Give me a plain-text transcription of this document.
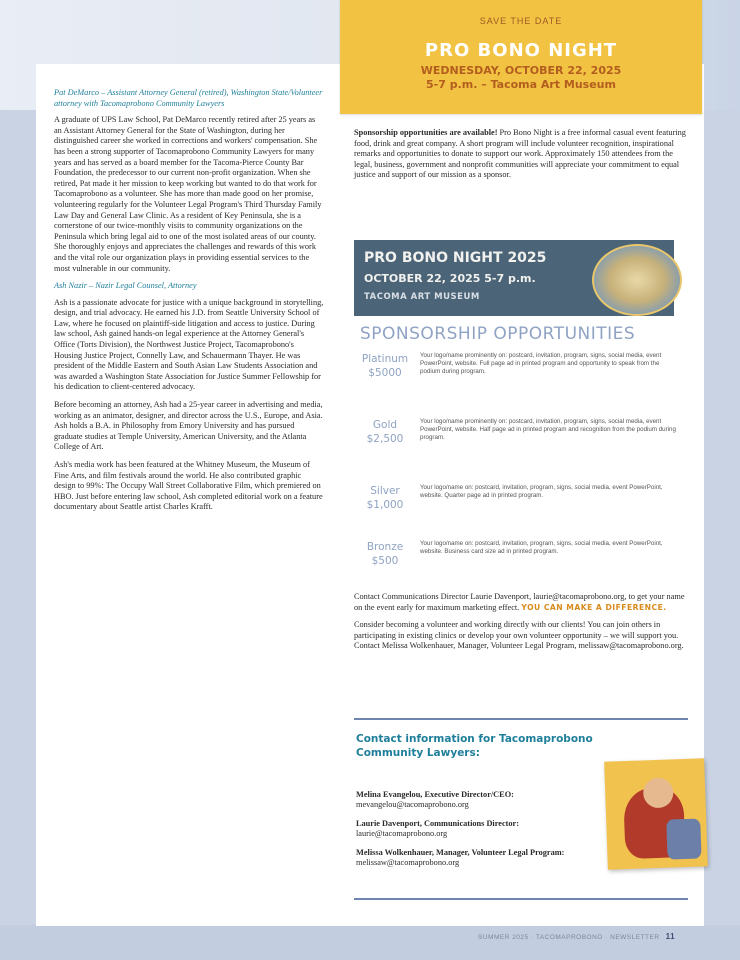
SAVE THE DATE
PRO BONO NIGHT
WEDNESDAY, OCTOBER 22, 2025
5-7 p.m. – Tacoma Art Museum
Pat DeMarco – Assistant Attorney General (retired), Washington State/Volunteer attorney with Tacomaprobono Community Lawyers

A graduate of UPS Law School, Pat DeMarco recently retired after 25 years as an Assistant Attorney General for the State of Washington, during her distinguished career she worked in corrections and workers' compensation. She has been a strong supporter of Tacomaprobono Community Lawyers for many years and has served as a board member for the Tacoma-Pierce County Bar Foundation, the predecessor to our current non-profit organization. When she retired, Pat made it her mission to keep working but wanted to do that work for Tacomaprobono as a volunteer. She has more than made good on her promise, volunteering regularly for the Volunteer Legal Program's Third Thursday Family Law Day and General Law Clinic. As a resident of Key Peninsula, she is a cornerstone of our twice-monthly visits to community organizations on the Peninsula which bring legal aid to one of the most isolated areas of our county. She thoroughly enjoys and appreciates the challenges and rewards of this work and the vital role our organization plays in providing essential services to the most vulnerable in our community.

Ash Nazir – Nazir Legal Counsel, Attorney

Ash is a passionate advocate for justice with a unique background in storytelling, design, and trial advocacy. He earned his J.D. from Seattle University School of Law, where he focused on plaintiff-side litigation and access to justice. During law school, Ash gained hands-on legal experience at the Attorney General's Office (Torts Division), the Northwest Justice Project, Tacomaprobono's Housing Justice Project, Connelly Law, and Schauermann Thayer. He was president of the Middle Eastern and South Asian Law Students Association and was awarded a Washington State Association for Justice Summer Fellowship for his dedication to client-centered advocacy.

Before becoming an attorney, Ash had a 25-year career in advertising and media, working as an animator, designer, and director across the U.S., Europe, and Asia. Ash holds a B.A. in Philosophy from Emory University and has pursued graduate studies at Temple University, American University, and the Atlanta College of Art.

Ash's media work has been featured at the Whitney Museum, the Museum of Fine Arts, and film festivals around the world. He also contributed graphic design to 99%: The Occupy Wall Street Collaborative Film, which premiered on HBO. Just before entering law school, Ash completed editorial work on a feature documentary about Seattle artist Charles Krafft.

Sponsorship opportunities are available! Pro Bono Night is a free informal casual event featuring food, drink and great company. A short program will include volunteer recognition, inspirational remarks and opportunities to donate to support our work. Approximately 150 attendees from the legal, business, government and nonprofit communities will appreciate your commitment to equal justice and support of our mission as a sponsor.

PRO BONO NIGHT 2025
OCTOBER 22, 2025 5-7 p.m.
TACOMA ART MUSEUM
SPONSORSHIP OPPORTUNITIES
Platinum
$5000
Your logo/name prominently on: postcard, invitation, program, signs, social media, event PowerPoint, website. Full page ad in printed program and opportunity to speak from the podium during program.
Gold
$2,500
Your logo/name prominently on: postcard, invitation, program, signs, social media, event PowerPoint, website. Half page ad in printed program and recognition from the podium during program.
Silver
$1,000
Your logo/name on: postcard, invitation, program, signs, social media, event PowerPoint, website. Quarter page ad in printed program.
Bronze
$500
Your logo/name on: postcard, invitation, program, signs, social media, event PowerPoint, website. Business card size ad in printed program.

Contact Communications Director Laurie Davenport, laurie@tacomaprobono.org, to get your name on the event early for maximum marketing effect. YOU CAN MAKE A DIFFERENCE.

Consider becoming a volunteer and working directly with our clients! You can join others in participating in existing clinics or develop your own volunteer opportunity – we will support you. Contact Melissa Wolkenhauer, Manager, Volunteer Legal Program, melissaw@tacomaprobono.org.

Contact information for Tacomaprobono Community Lawyers:

Melina Evangelou, Executive Director/CEO: mevangelou@tacomaprobono.org

Laurie Davenport, Communications Director: laurie@tacomaprobono.org

Melissa Wolkenhauer, Manager, Volunteer Legal Program: melissaw@tacomaprobono.org

SUMMER 2025 · TACOMAPROBONO · NEWSLETTER 11
